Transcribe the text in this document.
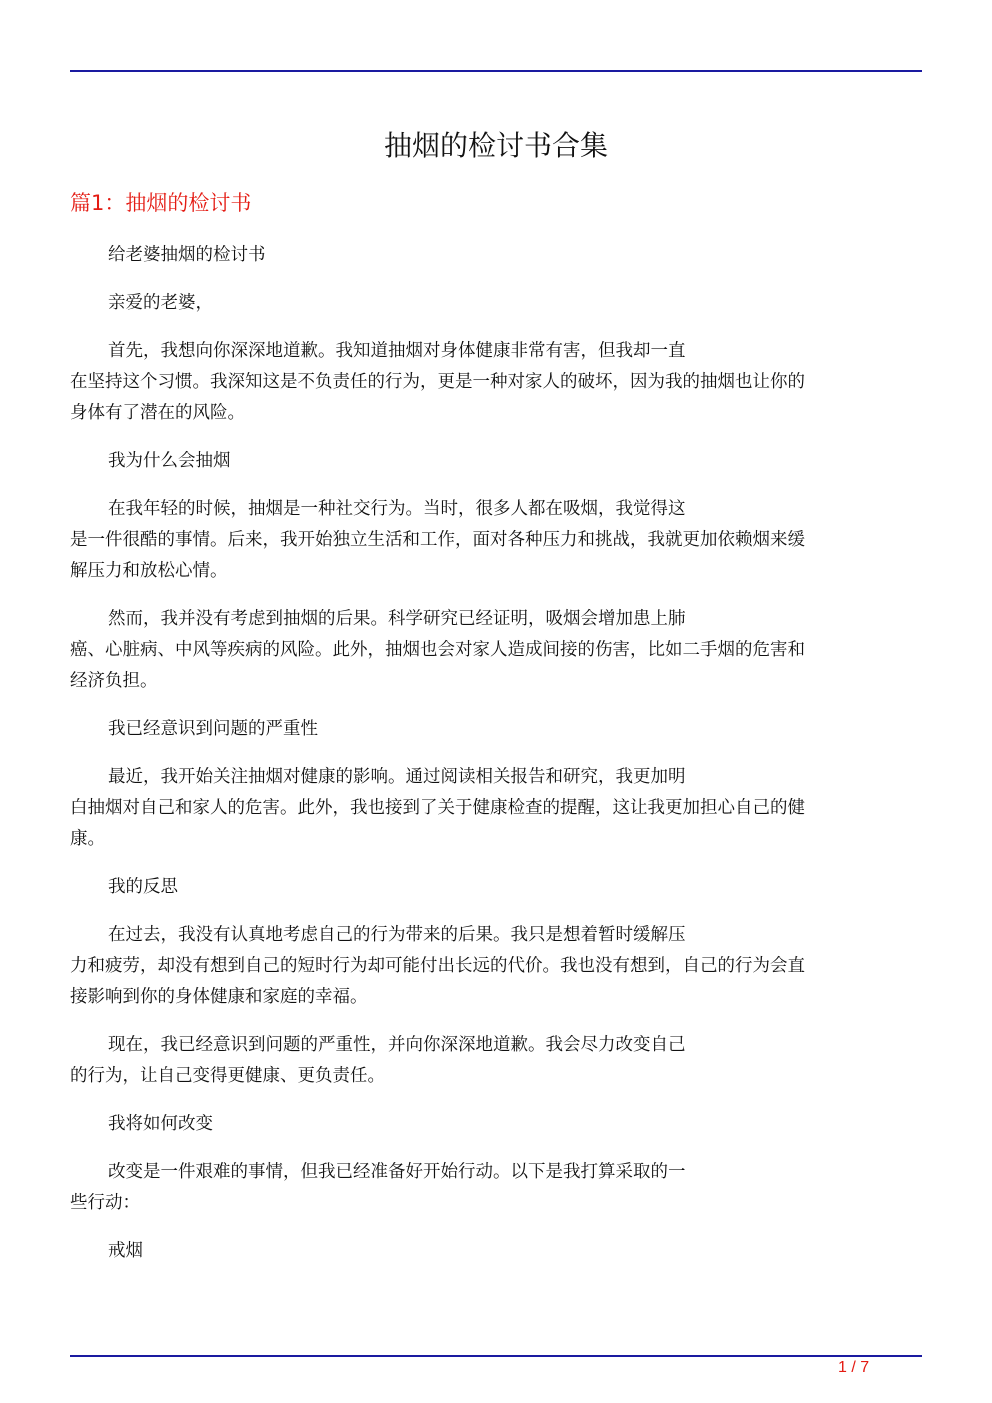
抽烟的检讨书合集
篇1：抽烟的检讨书

给老婆抽烟的检讨书

亲爱的老婆，

首先，我想向你深深地道歉。我知道抽烟对身体健康非常有害，但我却一直
在坚持这个习惯。我深知这是不负责任的行为，更是一种对家人的破坏，因为我的抽烟也让你的
身体有了潜在的风险。

我为什么会抽烟

在我年轻的时候，抽烟是一种社交行为。当时，很多人都在吸烟，我觉得这
是一件很酷的事情。后来，我开始独立生活和工作，面对各种压力和挑战，我就更加依赖烟来缓
解压力和放松心情。

然而，我并没有考虑到抽烟的后果。科学研究已经证明，吸烟会增加患上肺
癌、心脏病、中风等疾病的风险。此外，抽烟也会对家人造成间接的伤害，比如二手烟的危害和
经济负担。

我已经意识到问题的严重性

最近，我开始关注抽烟对健康的影响。通过阅读相关报告和研究，我更加明
白抽烟对自己和家人的危害。此外，我也接到了关于健康检查的提醒，这让我更加担心自己的健
康。

我的反思

在过去，我没有认真地考虑自己的行为带来的后果。我只是想着暂时缓解压
力和疲劳，却没有想到自己的短时行为却可能付出长远的代价。我也没有想到，自己的行为会直
接影响到你的身体健康和家庭的幸福。

现在，我已经意识到问题的严重性，并向你深深地道歉。我会尽力改变自己
的行为，让自己变得更健康、更负责任。

我将如何改变

改变是一件艰难的事情，但我已经准备好开始行动。以下是我打算采取的一
些行动：

戒烟

1 / 7
